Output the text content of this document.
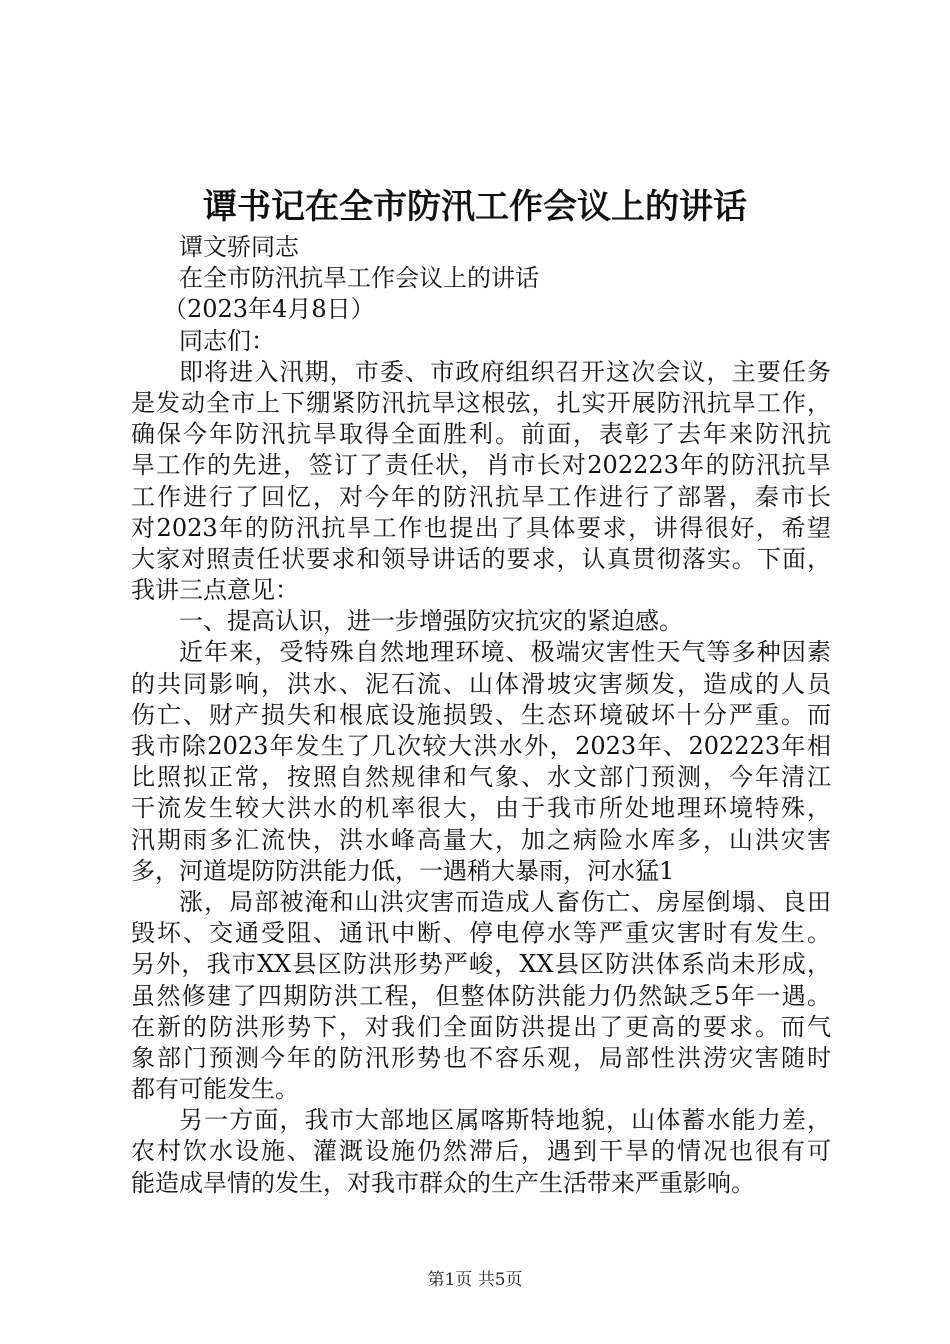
谭书记在全市防汛工作会议上的讲话
谭文骄同志
在全市防汛抗旱工作会议上的讲话
（2023年4月8日）
同志们：
即将进入汛期，市委、市政府组织召开这次会议，主要任务
是发动全市上下绷紧防汛抗旱这根弦，扎实开展防汛抗旱工作，
确保今年防汛抗旱取得全面胜利。前面，表彰了去年来防汛抗
旱工作的先进，签订了责任状，肖市长对202223年的防汛抗旱
工作进行了回忆，对今年的防汛抗旱工作进行了部署，秦市长
对2023年的防汛抗旱工作也提出了具体要求，讲得很好，希望
大家对照责任状要求和领导讲话的要求，认真贯彻落实。下面，
我讲三点意见：
一、提高认识，进一步增强防灾抗灾的紧迫感。
近年来，受特殊自然地理环境、极端灾害性天气等多种因素
的共同影响，洪水、泥石流、山体滑坡灾害频发，造成的人员
伤亡、财产损失和根底设施损毁、生态环境破坏十分严重。而
我市除2023年发生了几次较大洪水外，2023年、202223年相
比照拟正常，按照自然规律和气象、水文部门预测，今年清江
干流发生较大洪水的机率很大，由于我市所处地理环境特殊，
汛期雨多汇流快，洪水峰高量大，加之病险水库多，山洪灾害
多，河道堤防防洪能力低，一遇稍大暴雨，河水猛1
涨，局部被淹和山洪灾害而造成人畜伤亡、房屋倒塌、良田
毁坏、交通受阻、通讯中断、停电停水等严重灾害时有发生。
另外，我市XX县区防洪形势严峻，XX县区防洪体系尚未形成，
虽然修建了四期防洪工程，但整体防洪能力仍然缺乏5年一遇。
在新的防洪形势下，对我们全面防洪提出了更高的要求。而气
象部门预测今年的防汛形势也不容乐观，局部性洪涝灾害随时
都有可能发生。
另一方面，我市大部地区属喀斯特地貌，山体蓄水能力差，
农村饮水设施、灌溉设施仍然滞后，遇到干旱的情况也很有可
能造成旱情的发生，对我市群众的生产生活带来严重影响。
第1页 共5页
